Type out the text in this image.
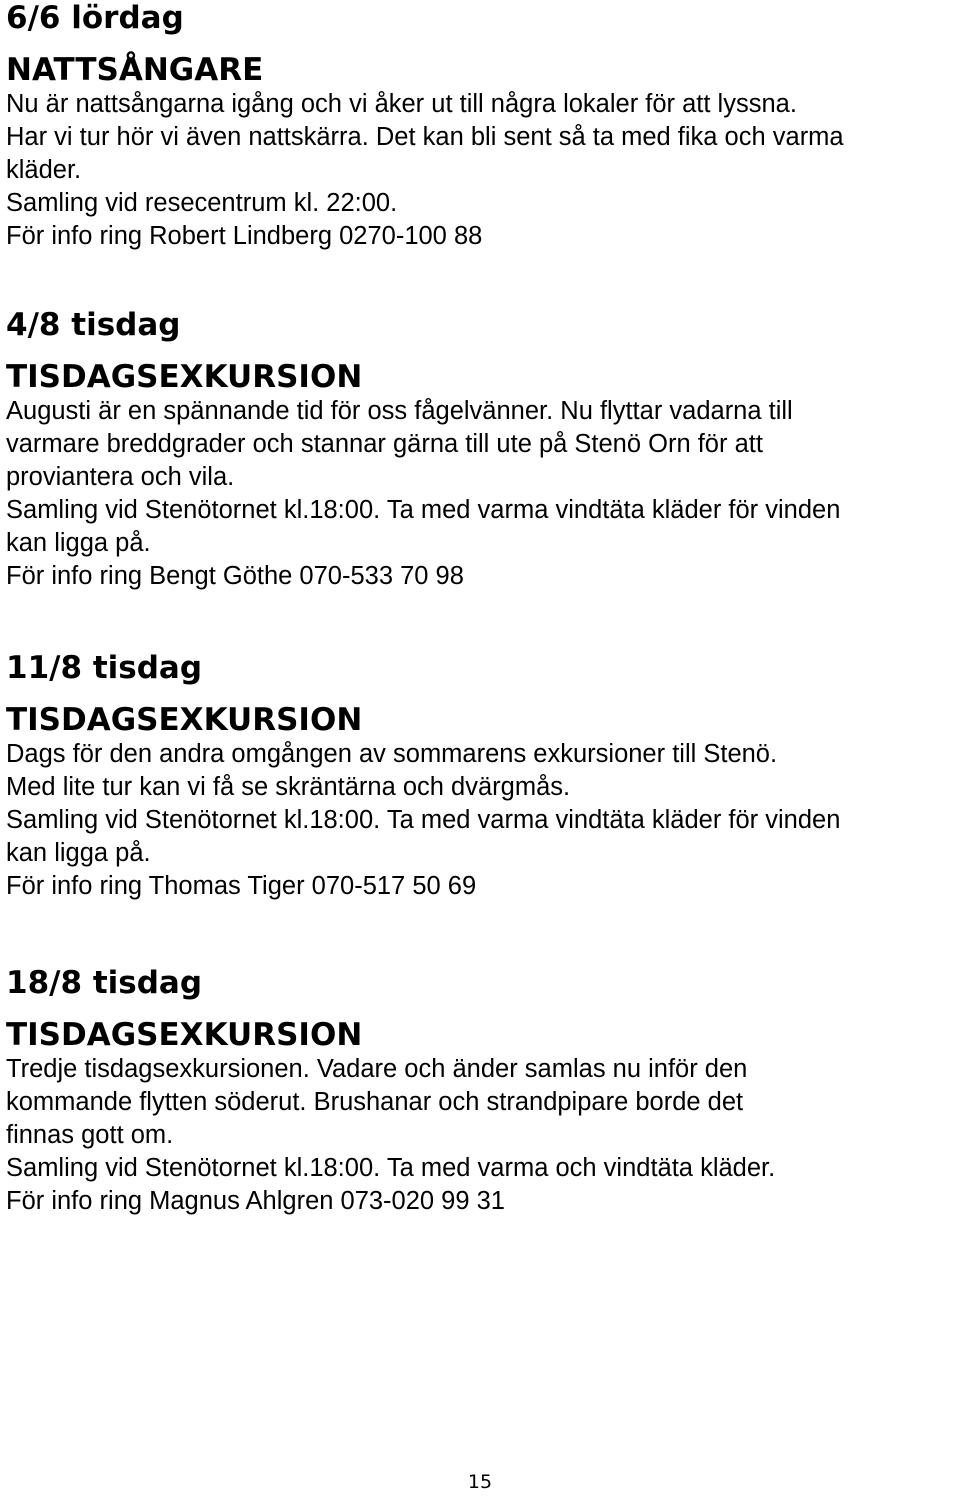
6/6 lördag
NATTSÅNGARE
Nu är nattsångarna igång och vi åker ut till några lokaler för att lyssna.
Har vi tur hör vi även nattskärra. Det kan bli sent så ta med fika och varma
kläder.
Samling vid resecentrum kl. 22:00.
För info ring Robert Lindberg 0270-100 88
4/8 tisdag
TISDAGSEXKURSION
Augusti är en spännande tid för oss fågelvänner. Nu flyttar vadarna till
varmare breddgrader och stannar gärna till ute på Stenö Orn för att
proviantera och vila.
Samling vid Stenötornet kl.18:00. Ta med varma vindtäta kläder för vinden
kan ligga på.
För info ring Bengt Göthe 070-533 70 98
11/8 tisdag
TISDAGSEXKURSION
Dags för den andra omgången av sommarens exkursioner till Stenö.
Med lite tur kan vi få se skräntärna och dvärgmås.
Samling vid Stenötornet kl.18:00. Ta med varma vindtäta kläder för vinden
kan ligga på.
För info ring Thomas Tiger 070-517 50 69
18/8 tisdag
TISDAGSEXKURSION
Tredje tisdagsexkursionen. Vadare och änder samlas nu inför den
kommande flytten söderut. Brushanar och strandpipare borde det
finnas gott om.
Samling vid Stenötornet kl.18:00. Ta med varma och vindtäta kläder.
För info ring Magnus Ahlgren 073-020 99 31
15
